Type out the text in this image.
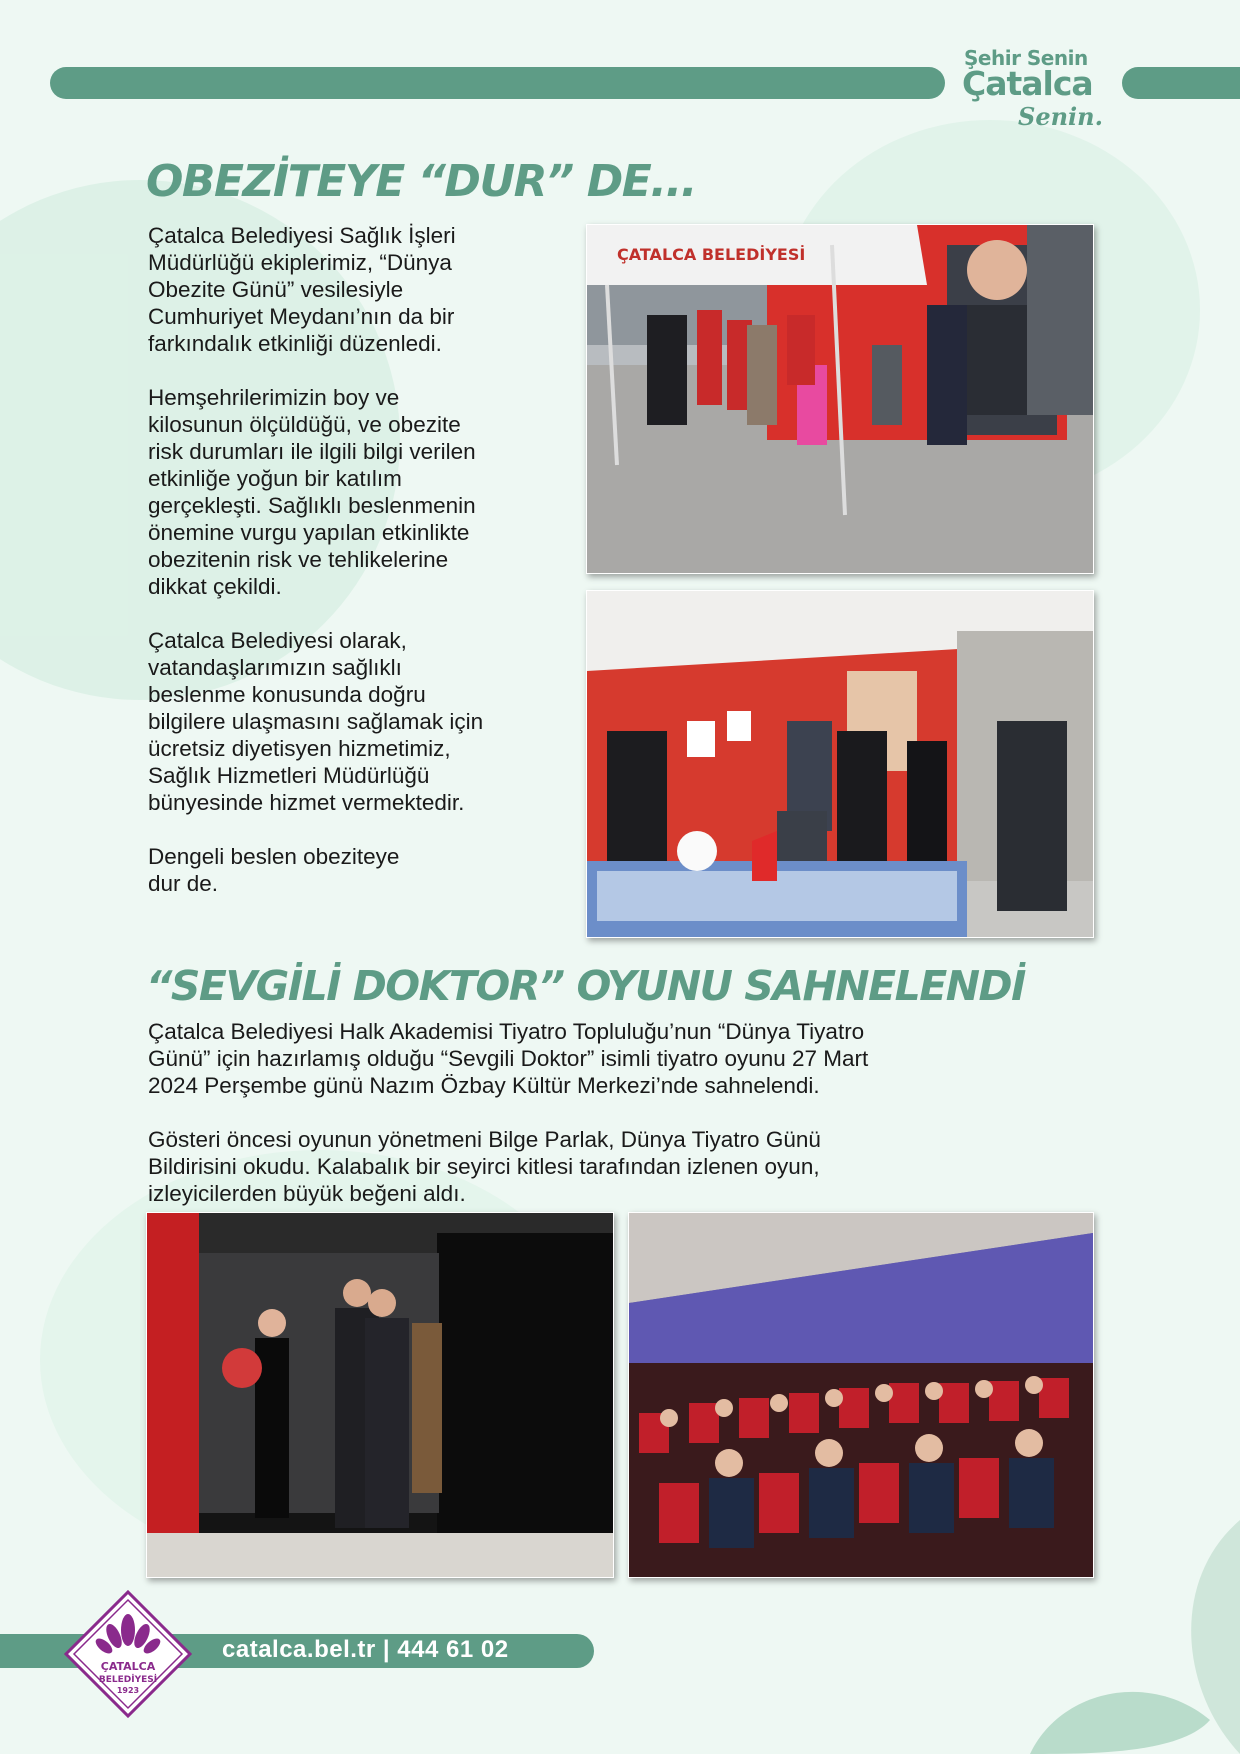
Şehir Senin
Çatalca
Senin.
OBEZİTEYE “DUR” DE...

Çatalca Belediyesi Sağlık İşleri
Müdürlüğü ekiplerimiz, “Dünya
Obezite Günü” vesilesiyle
Cumhuriyet Meydanı’nın da bir
farkındalık etkinliği düzenledi.

Hemşehrilerimizin boy ve
kilosunun ölçüldüğü, ve obezite
risk durumları ile ilgili bilgi verilen
etkinliğe yoğun bir katılım
gerçekleşti. Sağlıklı beslenmenin
önemine vurgu yapılan etkinlikte
obezitenin risk ve tehlikelerine
dikkat çekildi.

Çatalca Belediyesi olarak,
vatandaşlarımızın sağlıklı
beslenme konusunda doğru
bilgilere ulaşmasını sağlamak için
ücretsiz diyetisyen hizmetimiz,
Sağlık Hizmetleri Müdürlüğü
bünyesinde hizmet vermektedir.

Dengeli beslen obeziteye
dur de.

ÇATALCA BELEDİYESİ
“SEVGİLİ DOKTOR” OYUNU SAHNELENDİ

Çatalca Belediyesi Halk Akademisi Tiyatro Topluluğu’nun “Dünya Tiyatro
Günü” için hazırlamış olduğu “Sevgili Doktor” isimli tiyatro oyunu 27 Mart
2024 Perşembe günü Nazım Özbay Kültür Merkezi’nde sahnelendi.

Gösteri öncesi oyunun yönetmeni Bilge Parlak, Dünya Tiyatro Günü
Bildirisini okudu. Kalabalık bir seyirci kitlesi tarafından izlenen oyun,
izleyicilerden büyük beğeni aldı.

catalca.bel.tr | 444 61 02
ÇATALCA
BELEDİYESİ
1923
